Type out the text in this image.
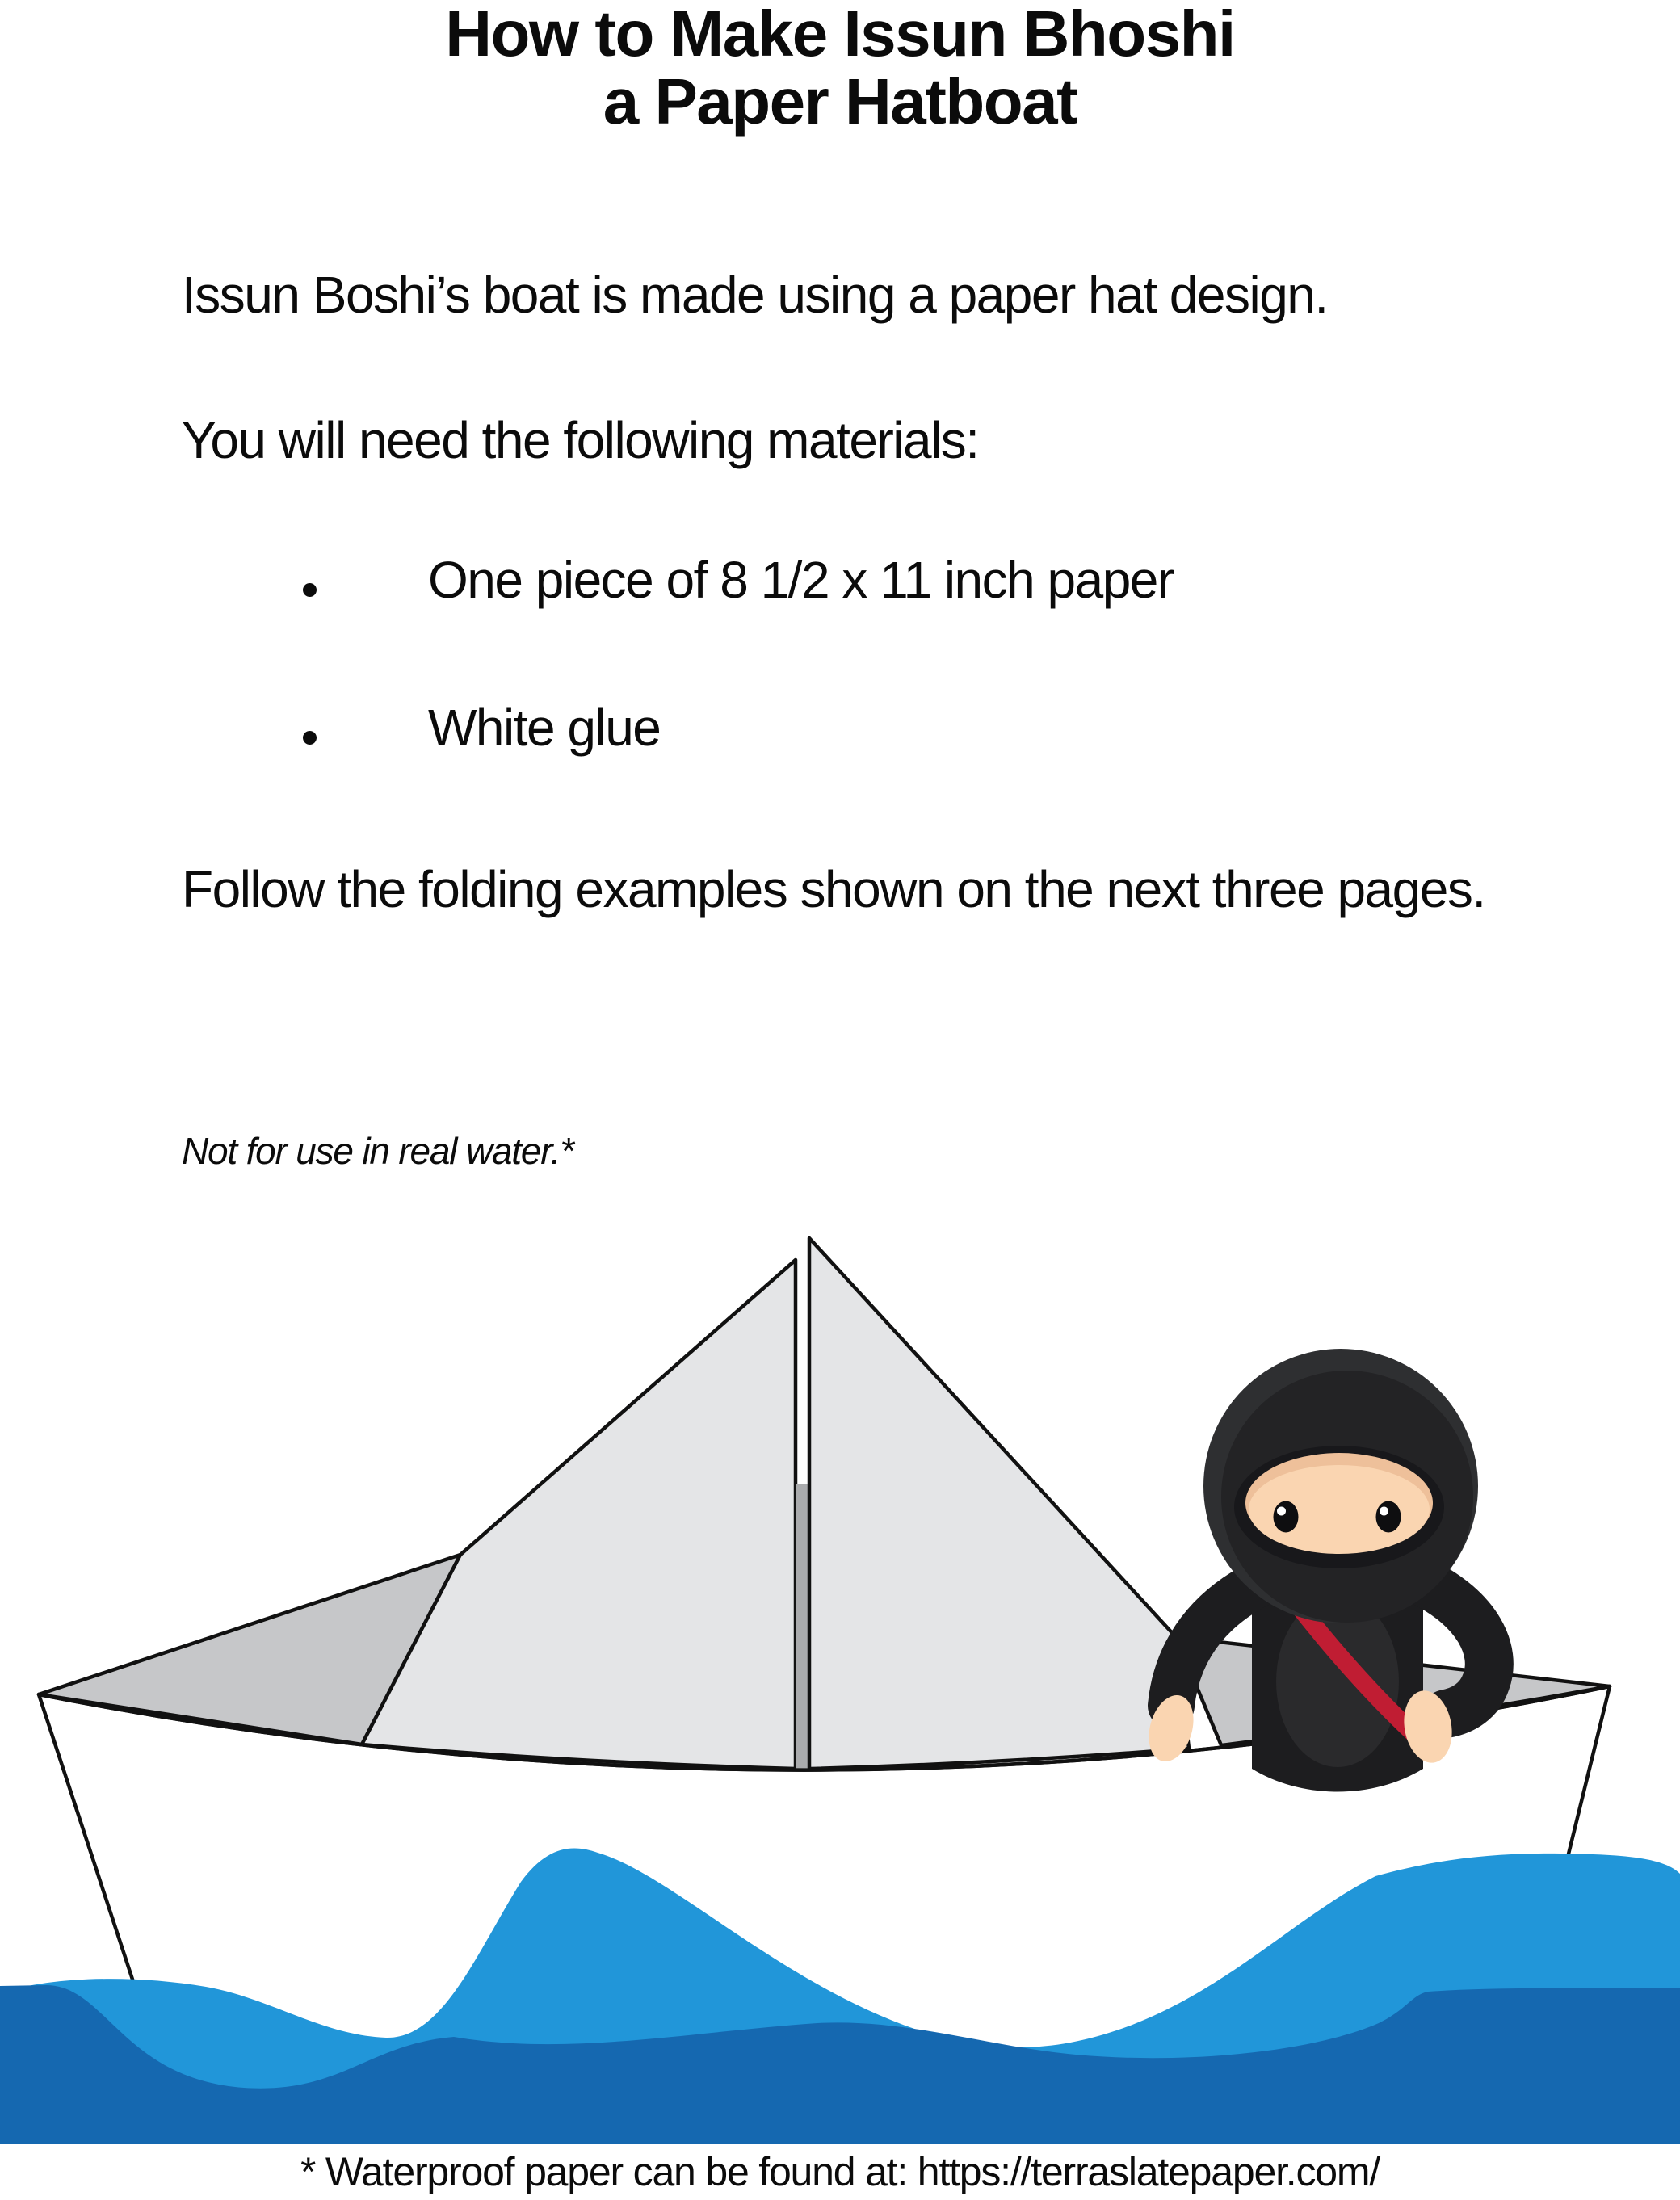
How to Make Issun Bhoshi
a Paper Hatboat
Issun Boshi’s boat is made using a paper hat design.
You will need the following materials:
One piece of 8 1/2 x 11 inch paper
White glue
Follow the folding examples shown on the next three pages.
Not for use in real water.*
* Waterproof paper can be found at: https://terraslatepaper.com/
